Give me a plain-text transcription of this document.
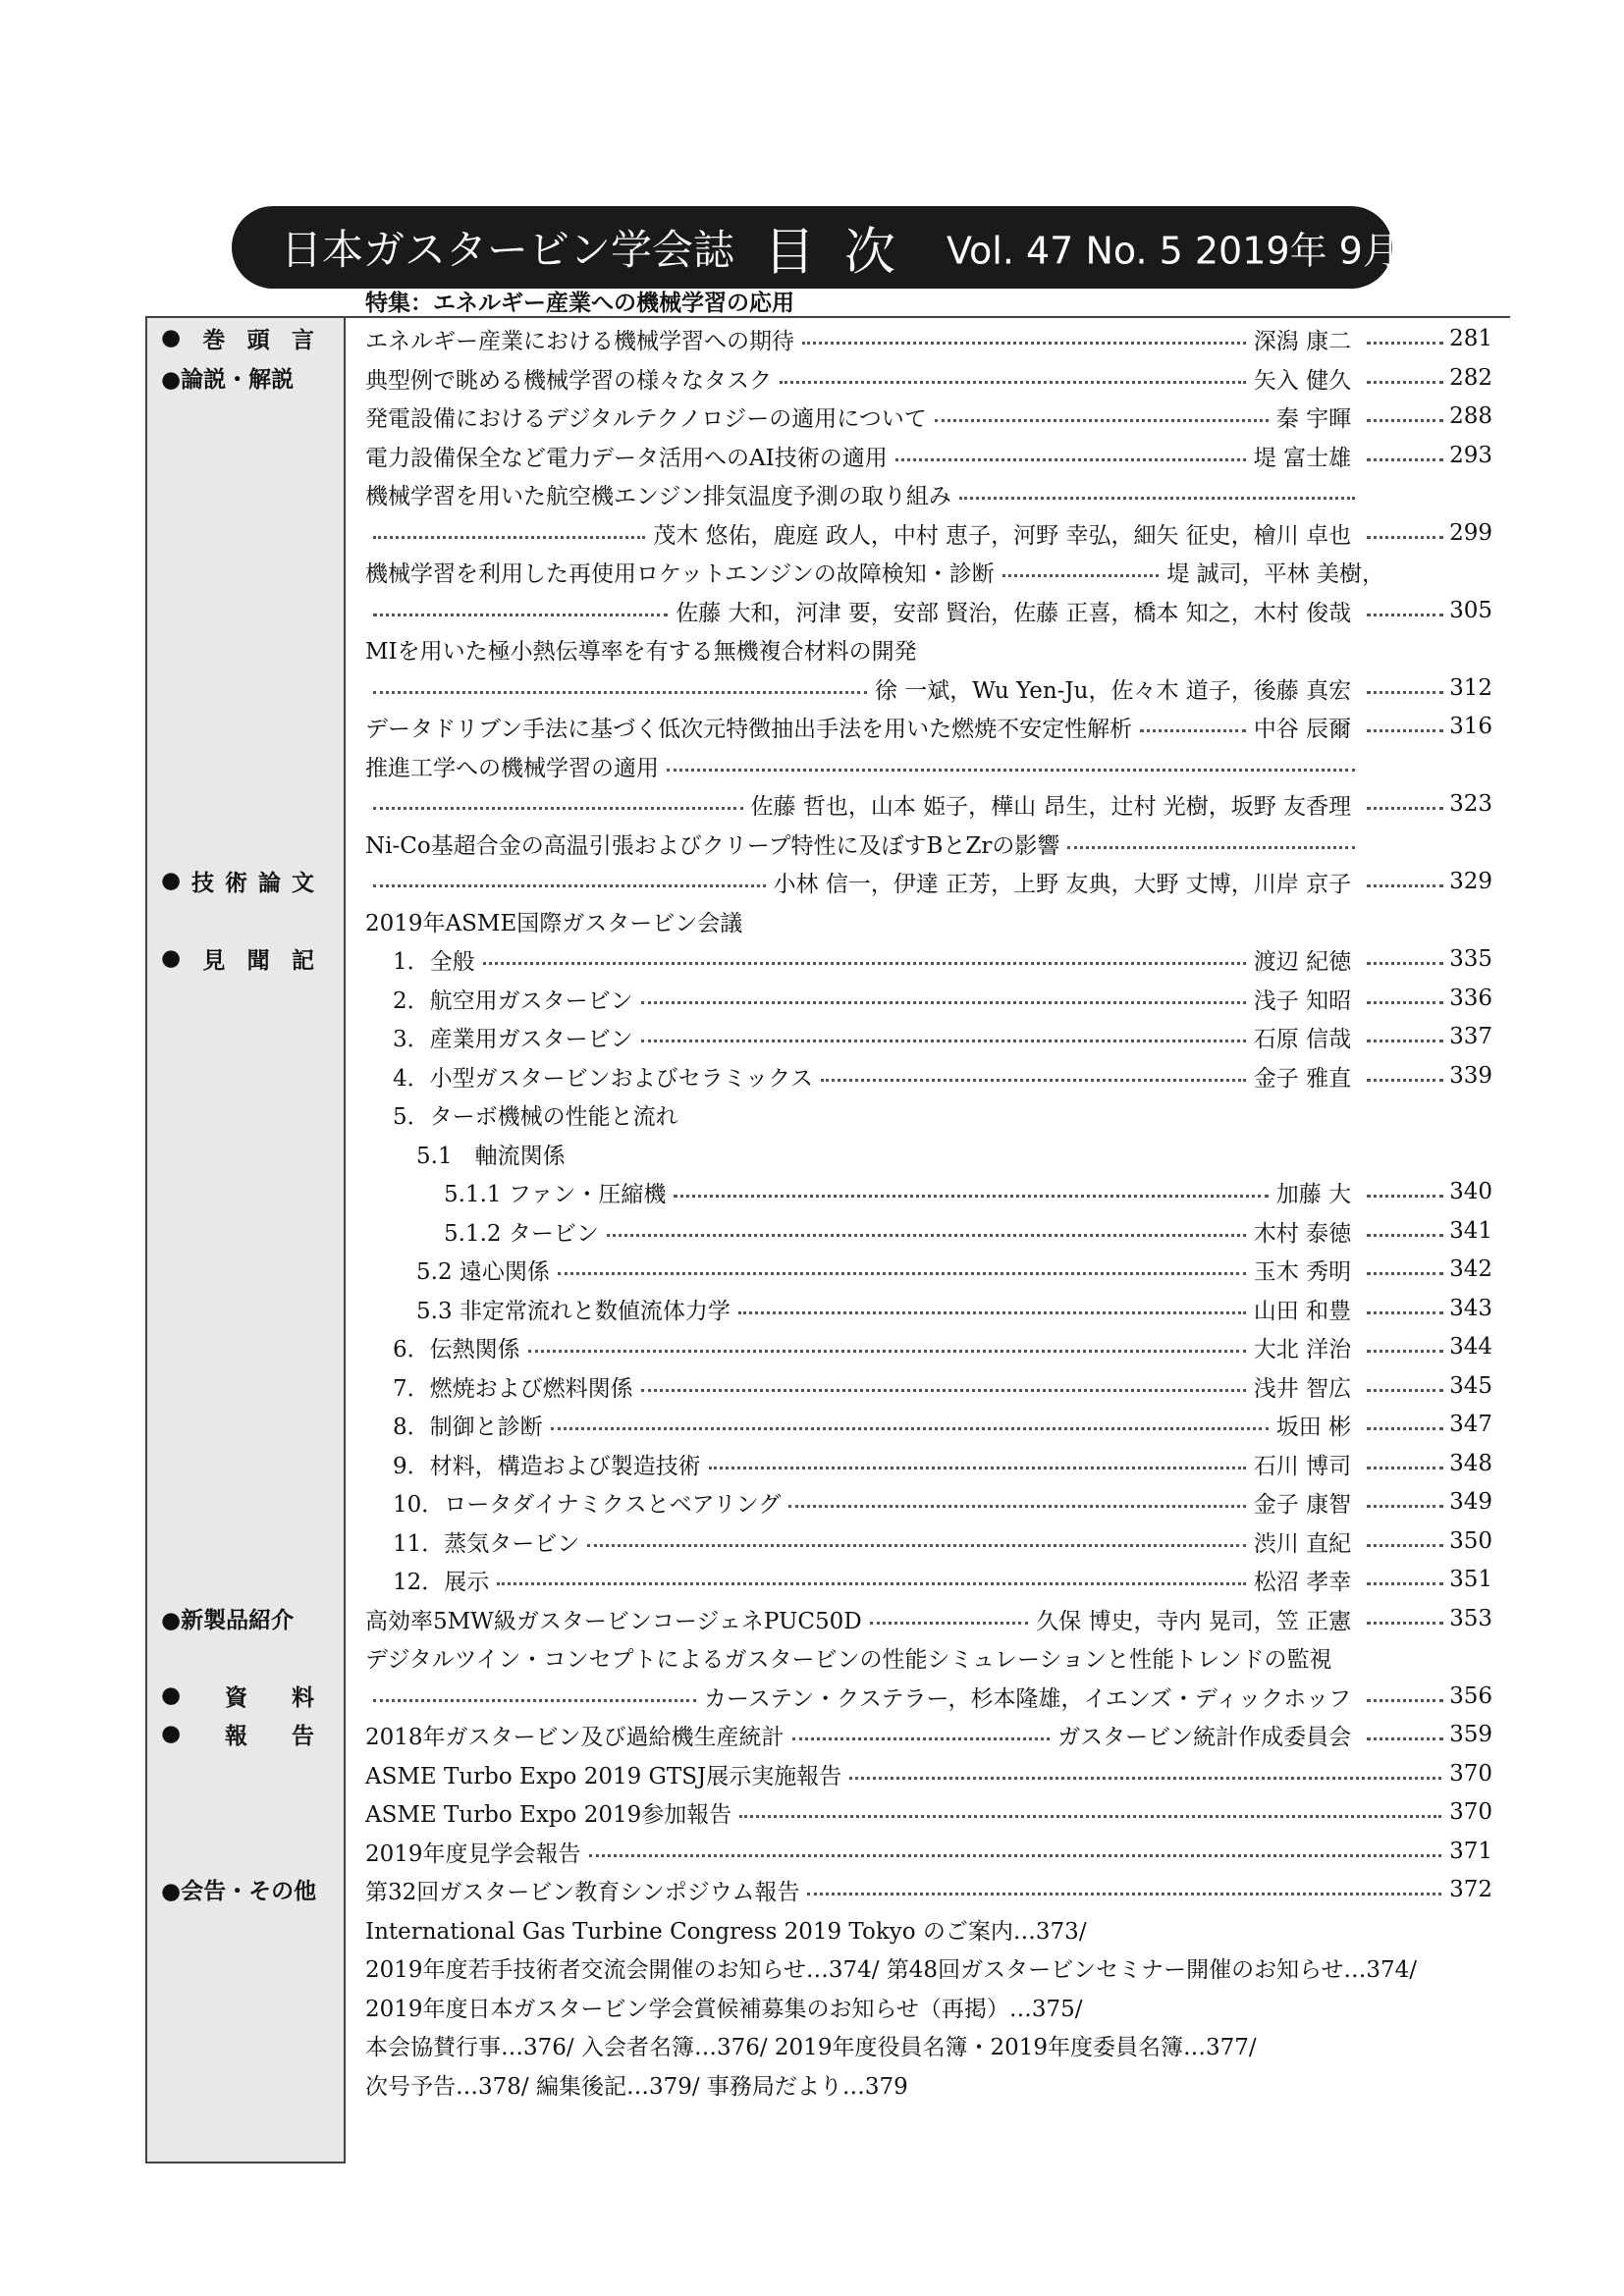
日本ガスタービン学会誌 目次 Vol. 47 No. 5 2019年 9月
● 巻 頭 言
●論説・解説
● 技 術 論 文
● 見 聞 記
●新製品紹介
● 資 料
● 報 告
●会告・その他
特集：エネルギー産業への機械学習の応用
エネルギー産業における機械学習への期待	深潟 康二	281
典型例で眺める機械学習の様々なタスク	矢入 健久	282
発電設備におけるデジタルテクノロジーの適用について	秦 宇暉	288
電力設備保全など電力データ活用へのAI技術の適用	堤 富士雄	293
機械学習を用いた航空機エンジン排気温度予測の取り組み
茂木 悠佑，鹿庭 政人，中村 恵子，河野 幸弘，細矢 征史，檜川 卓也	299
機械学習を利用した再使用ロケットエンジンの故障検知・診断	堤 誠司，平林 美樹，
佐藤 大和，河津 要，安部 賢治，佐藤 正喜，橋本 知之，木村 俊哉	305
MIを用いた極小熱伝導率を有する無機複合材料の開発
徐 一斌，Wu Yen-Ju，佐々木 道子，後藤 真宏	312
データドリブン手法に基づく低次元特徴抽出手法を用いた燃焼不安定性解析	中谷 辰爾	316
推進工学への機械学習の適用
佐藤 哲也，山本 姫子，樺山 昂生，辻村 光樹，坂野 友香理	323
Ni-Co基超合金の高温引張およびクリープ特性に及ぼすBとZrの影響
小林 信一，伊達 正芳，上野 友典，大野 丈博，川岸 京子	329
2019年ASME国際ガスタービン会議
1．全般	渡辺 紀徳	335
2．航空用ガスタービン	浅子 知昭	336
3．産業用ガスタービン	石原 信哉	337
4．小型ガスタービンおよびセラミックス	金子 雅直	339
5．ターボ機械の性能と流れ
5.1　軸流関係
5.1.1 ファン・圧縮機	加藤 大	340
5.1.2 タービン	木村 泰徳	341
5.2 遠心関係	玉木 秀明	342
5.3 非定常流れと数値流体力学	山田 和豊	343
6．伝熱関係	大北 洋治	344
7．燃焼および燃料関係	浅井 智広	345
8．制御と診断	坂田 彬	347
9．材料，構造および製造技術	石川 博司	348
10．ロータダイナミクスとベアリング	金子 康智	349
11．蒸気タービン	渋川 直紀	350
12．展示	松沼 孝幸	351
高効率5MW級ガスタービンコージェネPUC50D	久保 博史，寺内 晃司，笠 正憲	353
デジタルツイン・コンセプトによるガスタービンの性能シミュレーションと性能トレンドの監視
カーステン・クステラー，杉本隆雄，イエンズ・ディックホッフ	356
2018年ガスタービン及び過給機生産統計	ガスタービン統計作成委員会	359
ASME Turbo Expo 2019 GTSJ展示実施報告	370
ASME Turbo Expo 2019参加報告	370
2019年度見学会報告	371
第32回ガスタービン教育シンポジウム報告	372
International Gas Turbine Congress 2019 Tokyo のご案内…373/
2019年度若手技術者交流会開催のお知らせ…374/ 第48回ガスタービンセミナー開催のお知らせ…374/
2019年度日本ガスタービン学会賞候補募集のお知らせ（再掲）…375/
本会協賛行事…376/ 入会者名簿…376/ 2019年度役員名簿・2019年度委員名簿…377/
次号予告…378/ 編集後記…379/ 事務局だより…379
